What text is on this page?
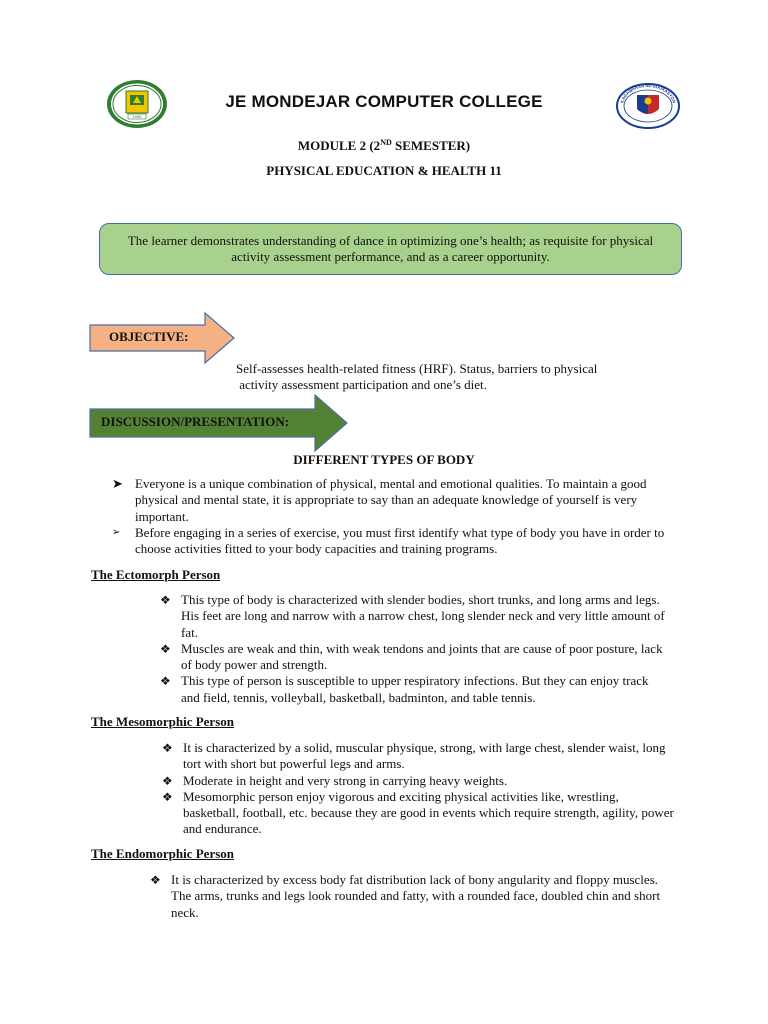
1996
JE MONDEJAR COMPUTER COLLEGE	KAGAWARAN NG EDUKASYON
MODULE 2 (2ND SEMESTER)
PHYSICAL EDUCATION & HEALTH 11
The learner demonstrates understanding of dance in optimizing one’s health; as requisite for physical activity assessment performance, and as a career opportunity.
OBJECTIVE:
Self-assesses health-related fitness (HRF). Status, barriers to physical
activity assessment participation and one’s diet.
DISCUSSION/PRESENTATION:
DIFFERENT TYPES OF BODY
➤ Everyone is a unique combination of physical, mental and emotional qualities. To maintain a good physical and mental state, it is appropriate to say than an adequate knowledge of yourself is very important.
➢ Before engaging in a series of exercise, you must first identify what type of body you have in order to choose activities fitted to your body capacities and training programs.
The Ectomorph Person
❖ This type of body is characterized with slender bodies, short trunks, and long arms and legs. His feet are long and narrow with a narrow chest, long slender neck and very little amount of fat.
❖ Muscles are weak and thin, with weak tendons and joints that are cause of poor posture, lack of body power and strength.
❖ This type of person is susceptible to upper respiratory infections. But they can enjoy track and field, tennis, volleyball, basketball, badminton, and table tennis.
The Mesomorphic Person
❖ It is characterized by a solid, muscular physique, strong, with large chest, slender waist, long tort with short but powerful legs and arms.
❖ Moderate in height and very strong in carrying heavy weights.
❖ Mesomorphic person enjoy vigorous and exciting physical activities like, wrestling, basketball, football, etc. because they are good in events which require strength, agility, power and endurance.
The Endomorphic Person
❖ It is characterized by excess body fat distribution lack of bony angularity and floppy muscles. The arms, trunks and legs look rounded and fatty, with a rounded face, doubled chin and short neck.
